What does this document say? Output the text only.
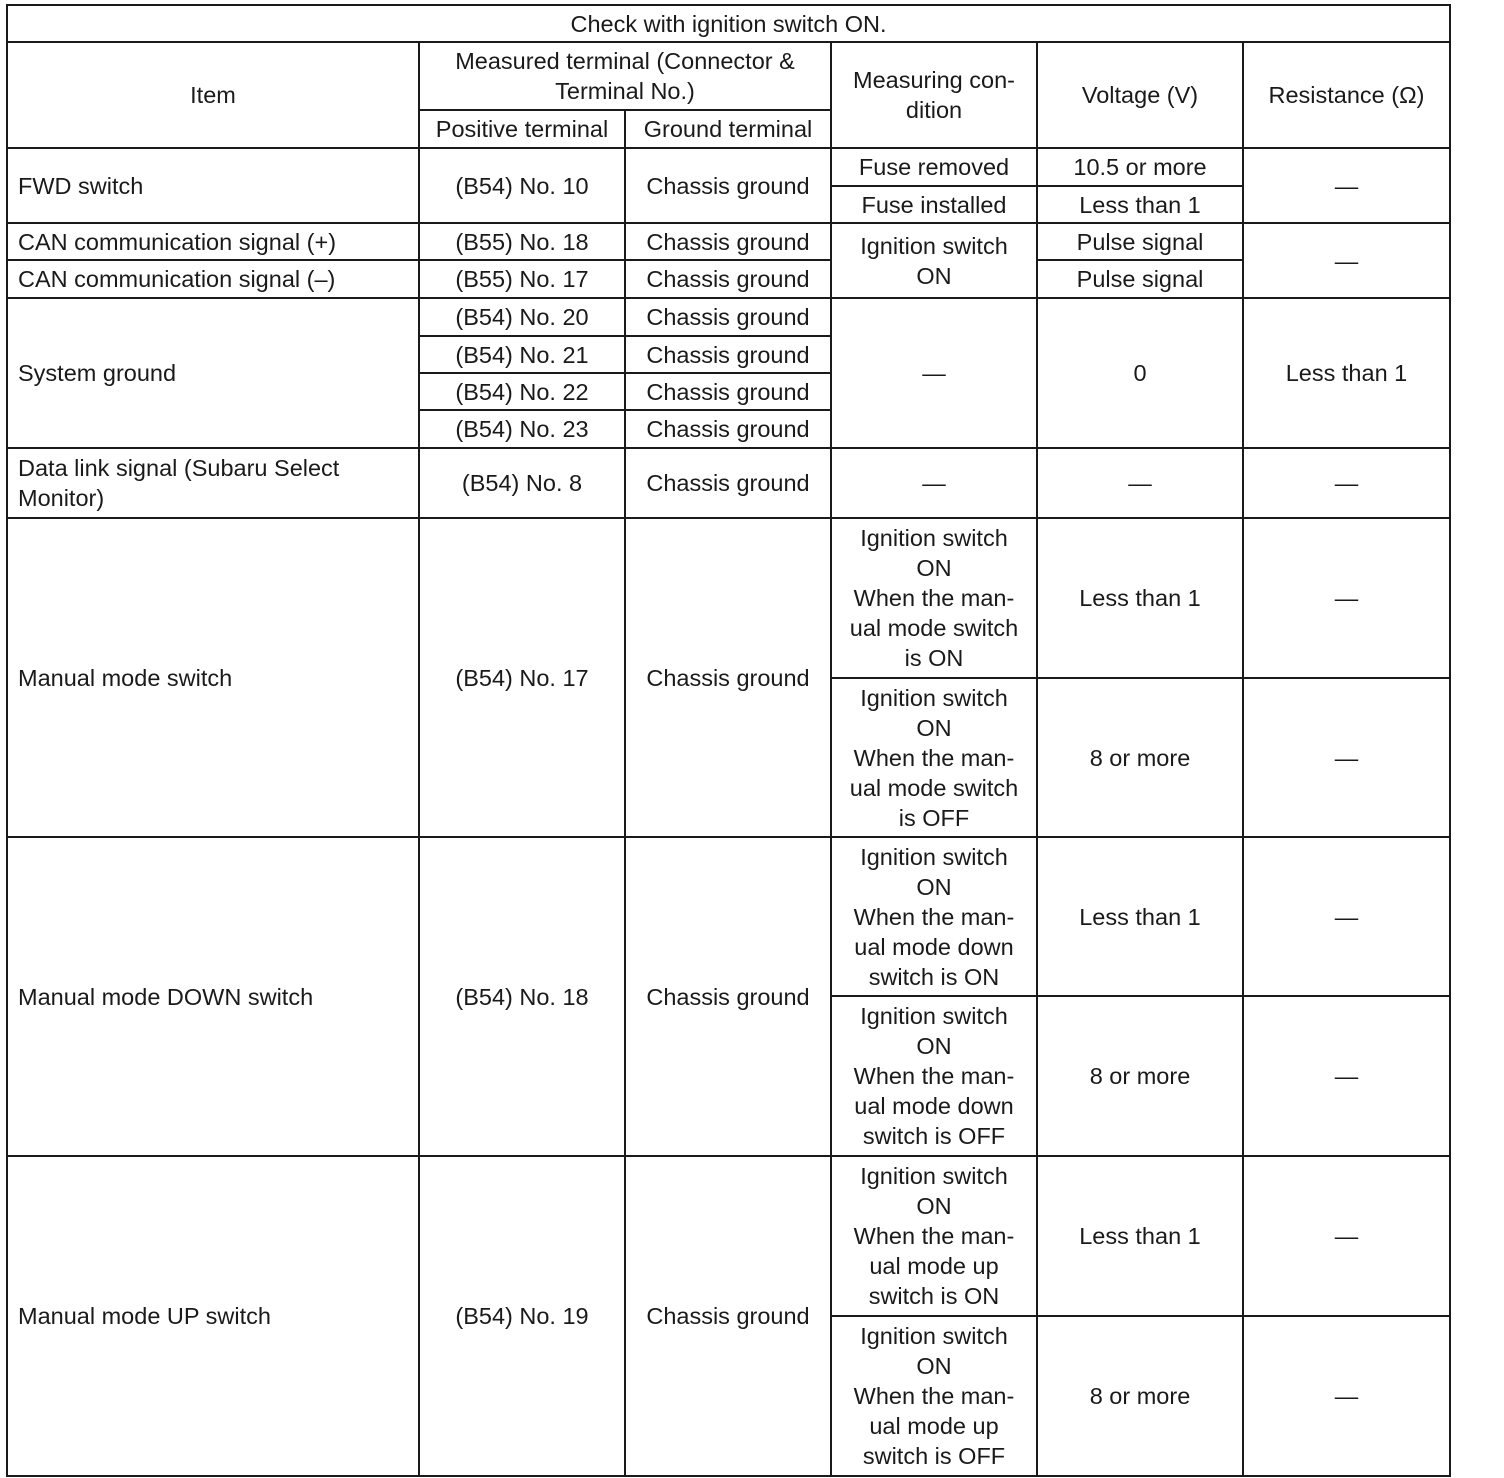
Check with ignition switch ON.					
Item	Measured terminal (Connector & Terminal No.)		Measuring con-
dition	Voltage (V)	Resistance (Ω)
	Positive terminal	Ground terminal			
FWD switch	(B54) No. 10	Chassis ground	Fuse removed	10.5 or more	—
			Fuse installed	Less than 1	
CAN communication signal (+)	(B55) No. 18	Chassis ground	Ignition switch
ON	Pulse signal	—
CAN communication signal (–)	(B55) No. 17	Chassis ground		Pulse signal	
System ground	(B54) No. 20	Chassis ground	—	0	Less than 1
	(B54) No. 21	Chassis ground			
	(B54) No. 22	Chassis ground			
	(B54) No. 23	Chassis ground			
Data link signal (Subaru Select Monitor)	(B54) No. 8	Chassis ground	—	—	—
Manual mode switch	(B54) No. 17	Chassis ground	Ignition switch
ON
When the man-
ual mode switch
is ON	Less than 1	—
			Ignition switch
ON
When the man-
ual mode switch
is OFF	8 or more	—
Manual mode DOWN switch	(B54) No. 18	Chassis ground	Ignition switch
ON
When the man-
ual mode down
switch is ON	Less than 1	—
			Ignition switch
ON
When the man-
ual mode down
switch is OFF	8 or more	—
Manual mode UP switch	(B54) No. 19	Chassis ground	Ignition switch
ON
When the man-
ual mode up
switch is ON	Less than 1	—
			Ignition switch
ON
When the man-
ual mode up
switch is OFF	8 or more	—
